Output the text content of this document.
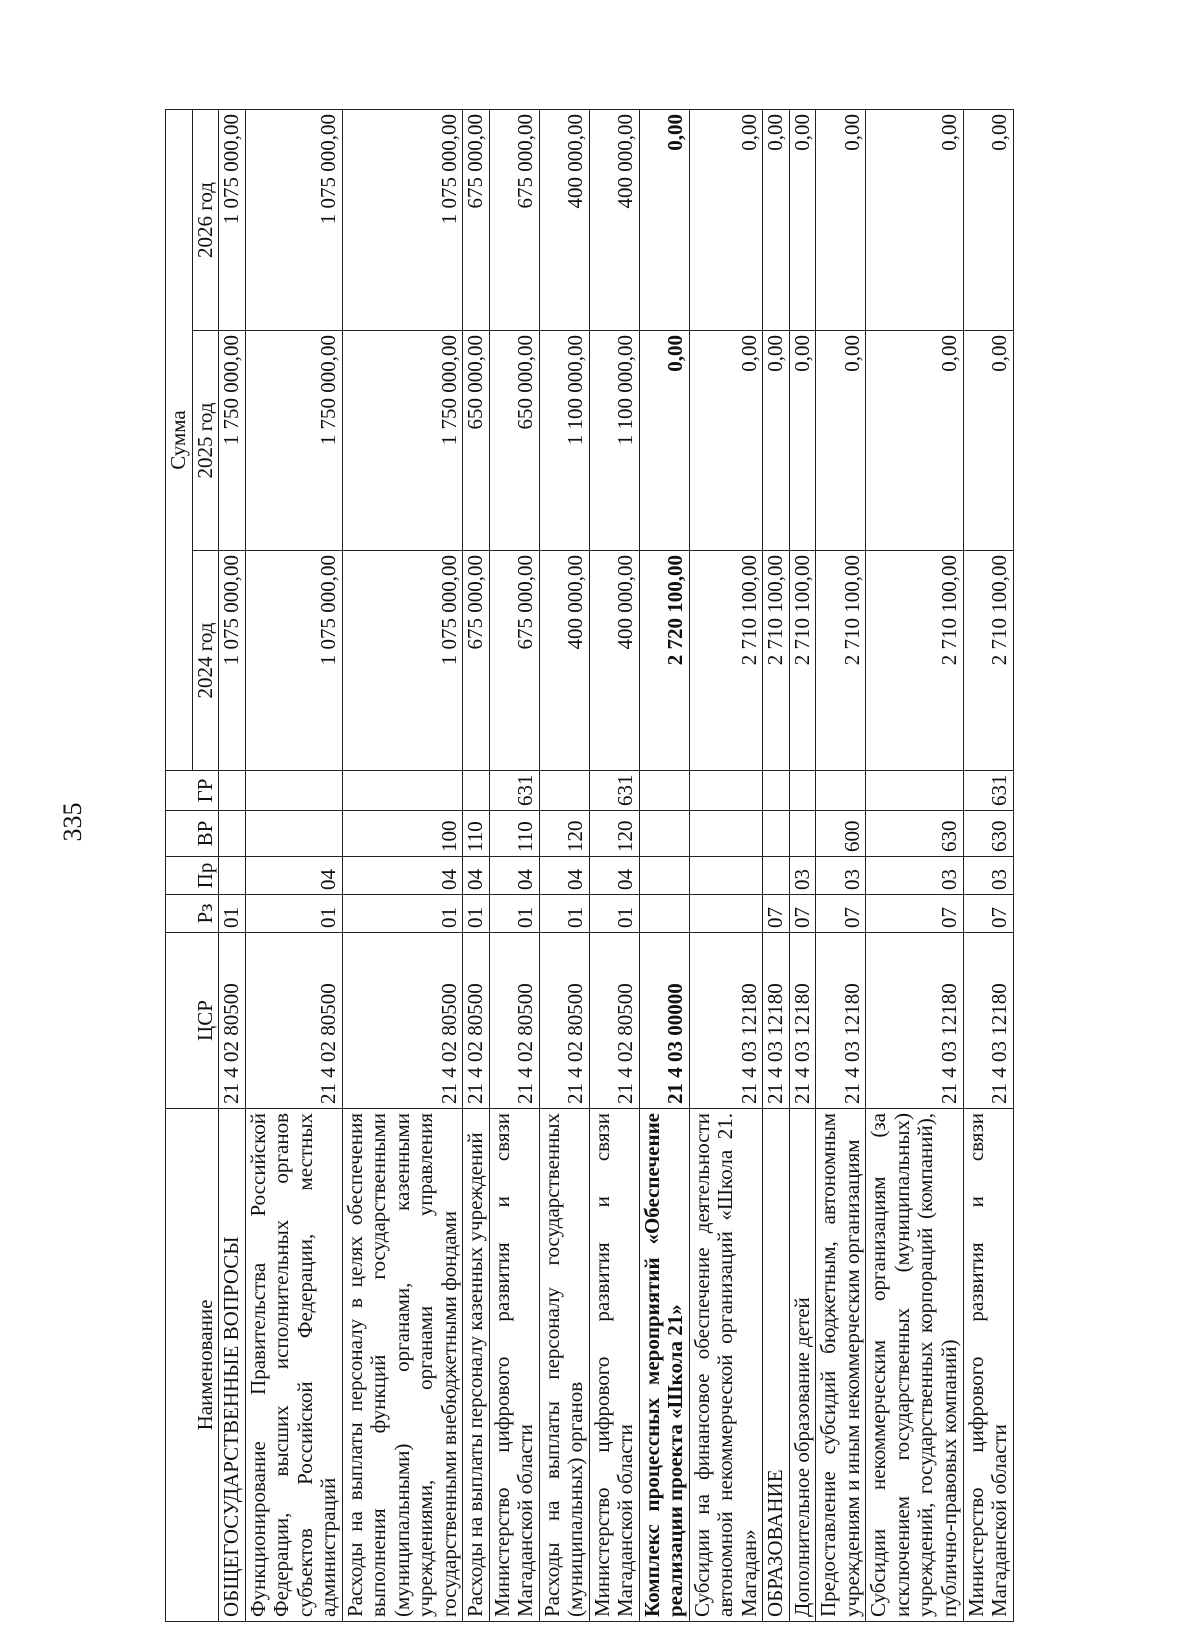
335
Наименование	ЦСР	Рз	Пр	ВР	ГР	Сумма		
						2024 год	2025 год	2026 год
ОБЩЕГОСУДАРСТВЕННЫЕ ВОПРОСЫ	21 4 02 80500	01				1 075 000,00	1 750 000,00	1 075 000,00
Функционирование Правительства Российской Федерации, высших исполнительных органов субъектов Российской Федерации, местных администраций	21 4 02 80500	01	04			1 075 000,00	1 750 000,00	1 075 000,00
Расходы на выплаты персоналу в целях обеспечения выполнения функций государственными (муниципальными) органами, казенными учреждениями, органами управления государственными внебюджетными фондами	21 4 02 80500	01	04	100		1 075 000,00	1 750 000,00	1 075 000,00
Расходы на выплаты персоналу казенных учреждений	21 4 02 80500	01	04	110		675 000,00	650 000,00	675 000,00
Министерство цифрового развития и связи Магаданской области	21 4 02 80500	01	04	110	631	675 000,00	650 000,00	675 000,00
Расходы на выплаты персоналу государственных (муниципальных) органов	21 4 02 80500	01	04	120		400 000,00	1 100 000,00	400 000,00
Министерство цифрового развития и связи Магаданской области	21 4 02 80500	01	04	120	631	400 000,00	1 100 000,00	400 000,00
Комплекс процессных мероприятий «Обеспечение реализации проекта «Школа 21»	21 4 03 00000					2 720 100,00	0,00	0,00
Субсидии на финансовое обеспечение деятельности автономной некоммерческой организаций «Школа 21. Магадан»	21 4 03 12180					2 710 100,00	0,00	0,00
ОБРАЗОВАНИЕ	21 4 03 12180	07				2 710 100,00	0,00	0,00
Дополнительное образование детей	21 4 03 12180	07	03			2 710 100,00	0,00	0,00
Предоставление субсидий бюджетным, автономным учреждениям и иным некоммерческим организациям	21 4 03 12180	07	03	600		2 710 100,00	0,00	0,00
Субсидии некоммерческим организациям (за исключением государственных (муниципальных) учреждений, государственных корпораций (компаний), публично-правовых компаний)	21 4 03 12180	07	03	630		2 710 100,00	0,00	0,00
Министерство цифрового развития и связи Магаданской области	21 4 03 12180	07	03	630	631	2 710 100,00	0,00	0,00
